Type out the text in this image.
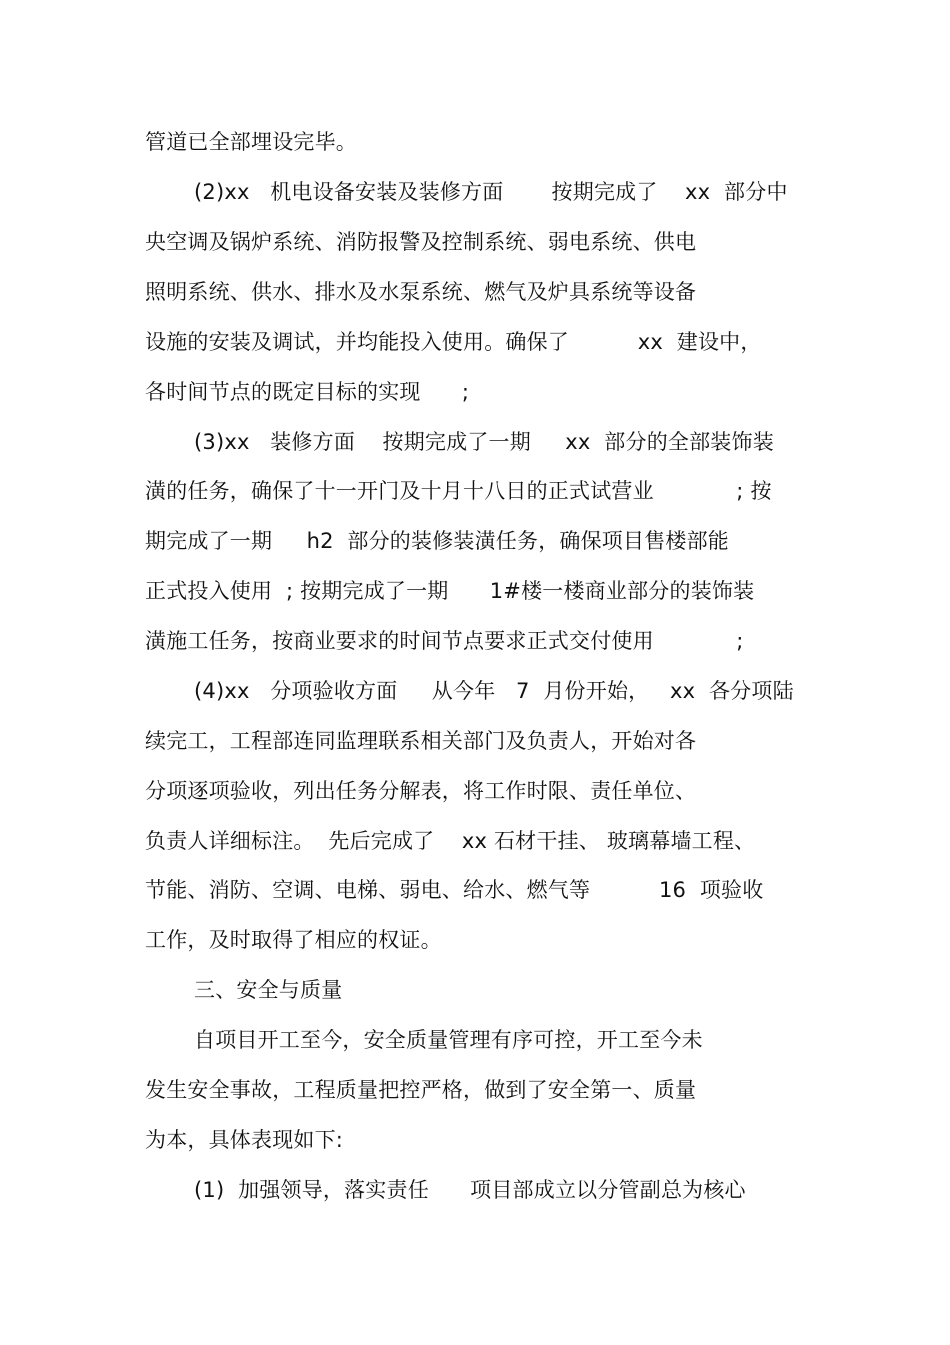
管道已全部埋设完毕。
(2)xx   机电设备安装及装修方面       按期完成了    xx  部分中
央空调及锅炉系统、消防报警及控制系统、弱电系统、供电
照明系统、供水、排水及水泵系统、燃气及炉具系统等设备
设施的安装及调试，并均能投入使用。确保了          xx  建设中，
各时间节点的既定目标的实现      ;
(3)xx   装修方面    按期完成了一期     xx  部分的全部装饰装
潢的任务，确保了十一开门及十月十八日的正式试营业            ; 按
期完成了一期     h2  部分的装修装潢任务，确保项目售楼部能
正式投入使用  ; 按期完成了一期      1#楼一楼商业部分的装饰装
潢施工任务，按商业要求的时间节点要求正式交付使用            ;
(4)xx   分项验收方面     从今年   7  月份开始，   xx  各分项陆
续完工，工程部连同监理联系相关部门及负责人，开始对各
分项逐项验收，列出任务分解表，将工作时限、责任单位、
负责人详细标注。  先后完成了    xx 石材干挂、 玻璃幕墙工程、
节能、消防、空调、电梯、弱电、给水、燃气等          16  项验收
工作，及时取得了相应的权证。
三、安全与质量
自项目开工至今，安全质量管理有序可控，开工至今未
发生安全事故，工程质量把控严格，做到了安全第一、质量
为本，具体表现如下:
(1)  加强领导，落实责任      项目部成立以分管副总为核心
